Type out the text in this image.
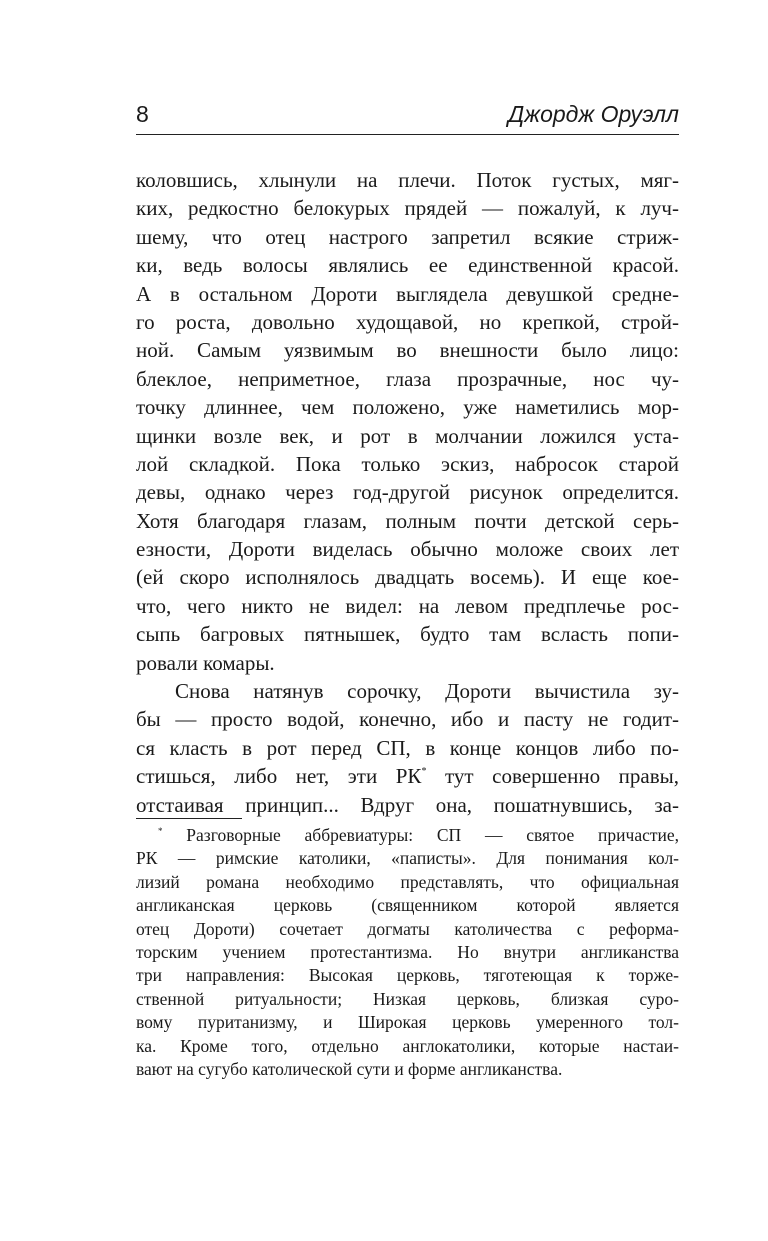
8	Джордж Оруэлл
коловшись, хлынули на плечи. Поток густых, мяг-
ких, редкостно белокурых прядей — пожалуй, к луч-
шему, что отец настрого запретил всякие стриж-
ки, ведь волосы являлись ее единственной красой.
А в остальном Дороти выглядела девушкой средне-
го роста, довольно худощавой, но крепкой, строй-
ной. Самым уязвимым во внешности было лицо:
блеклое, неприметное, глаза прозрачные, нос чу-
точку длиннее, чем положено, уже наметились мор-
щинки возле век, и рот в молчании ложился уста-
лой складкой. Пока только эскиз, набросок старой
девы, однако через год-другой рисунок определится.
Хотя благодаря глазам, полным почти детской серь-
езности, Дороти виделась обычно моложе своих лет
(ей скоро исполнялось двадцать восемь). И еще кое-
что, чего никто не видел: на левом предплечье рос-
сыпь багровых пятнышек, будто там всласть попи-
ровали комары.
Снова натянув сорочку, Дороти вычистила зу-
бы — просто водой, конечно, ибо и пасту не годит-
ся класть в рот перед СП, в конце концов либо по-
стишься, либо нет, эти РК* тут совершенно правы,
отстаивая принцип... Вдруг она, пошатнувшись, за-
* Разговорные аббревиатуры: СП — святое причастие,
РК — римские католики, «паписты». Для понимания кол-
лизий романа необходимо представлять, что официальная
англиканская церковь (священником которой является
отец Дороти) сочетает догматы католичества с реформа-
торским учением протестантизма. Но внутри англиканства
три направления: Высокая церковь, тяготеющая к торже-
ственной ритуальности; Низкая церковь, близкая суро-
вому пуританизму, и Широкая церковь умеренного тол-
ка. Кроме того, отдельно англокатолики, которые настаи-
вают на сугубо католической сути и форме англиканства.
